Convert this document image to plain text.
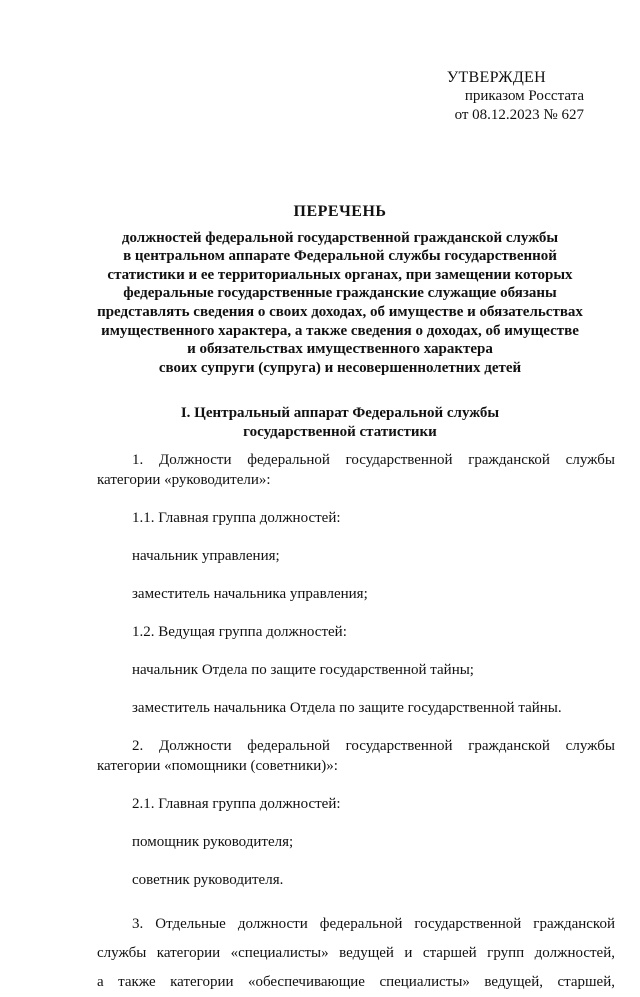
УТВЕРЖДЕН
приказом Росстата
от 08.12.2023 № 627
ПЕРЕЧЕНЬ
должностей федеральной государственной гражданской службы
в центральном аппарате Федеральной службы государственной
статистики и ее территориальных органах, при замещении которых
федеральные государственные гражданские служащие обязаны
представлять сведения о своих доходах, об имуществе и обязательствах
имущественного характера, а также сведения о доходах, об имуществе
и обязательствах имущественного характера
своих супруги (супруга) и несовершеннолетних детей
I. Центральный аппарат Федеральной службы
государственной статистики
1. Должности федеральной государственной гражданской службы
категории «руководители»:
1.1. Главная группа должностей:
начальник управления;
заместитель начальника управления;
1.2. Ведущая группа должностей:
начальник Отдела по защите государственной тайны;
заместитель начальника Отдела по защите государственной тайны.
2. Должности федеральной государственной гражданской службы
категории «помощники (советники)»:
2.1. Главная группа должностей:
помощник руководителя;
советник руководителя.
3. Отдельные должности федеральной государственной гражданской
службы категории «специалисты» ведущей и старшей групп должностей,
а также категории «обеспечивающие специалисты» ведущей, старшей,
